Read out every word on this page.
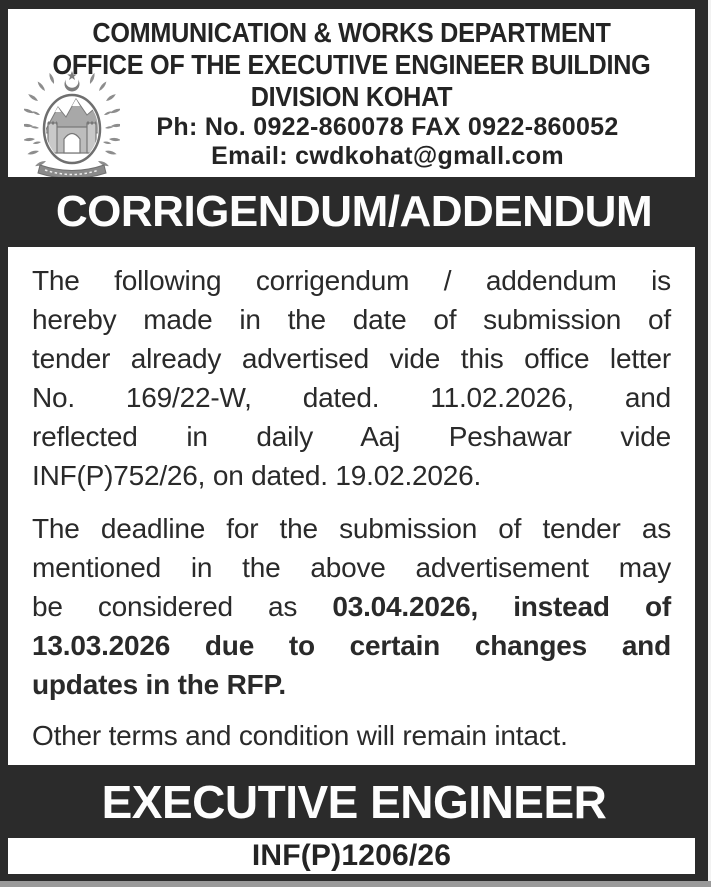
COMMUNICATION & WORKS DEPARTMENT
OFFICE OF THE EXECUTIVE ENGINEER BUILDING
DIVISION KOHAT
Ph: No. 0922-860078 FAX 0922-860052
Email: cwdkohat@gmall.com
CORRIGENDUM/ADDENDUM
The following corrigendum / addendum is
hereby made in the date of submission of
tender already advertised vide this office letter
No. 169/22-W, dated. 11.02.2026, and
reflected in daily Aaj Peshawar vide
INF(P)752/26, on dated. 19.02.2026.
The deadline for the submission of tender as
mentioned in the above advertisement may
be considered as 03.04.2026, instead of
13.03.2026 due to certain changes and
updates in the RFP.
Other terms and condition will remain intact.
EXECUTIVE ENGINEER
INF(P)1206/26
